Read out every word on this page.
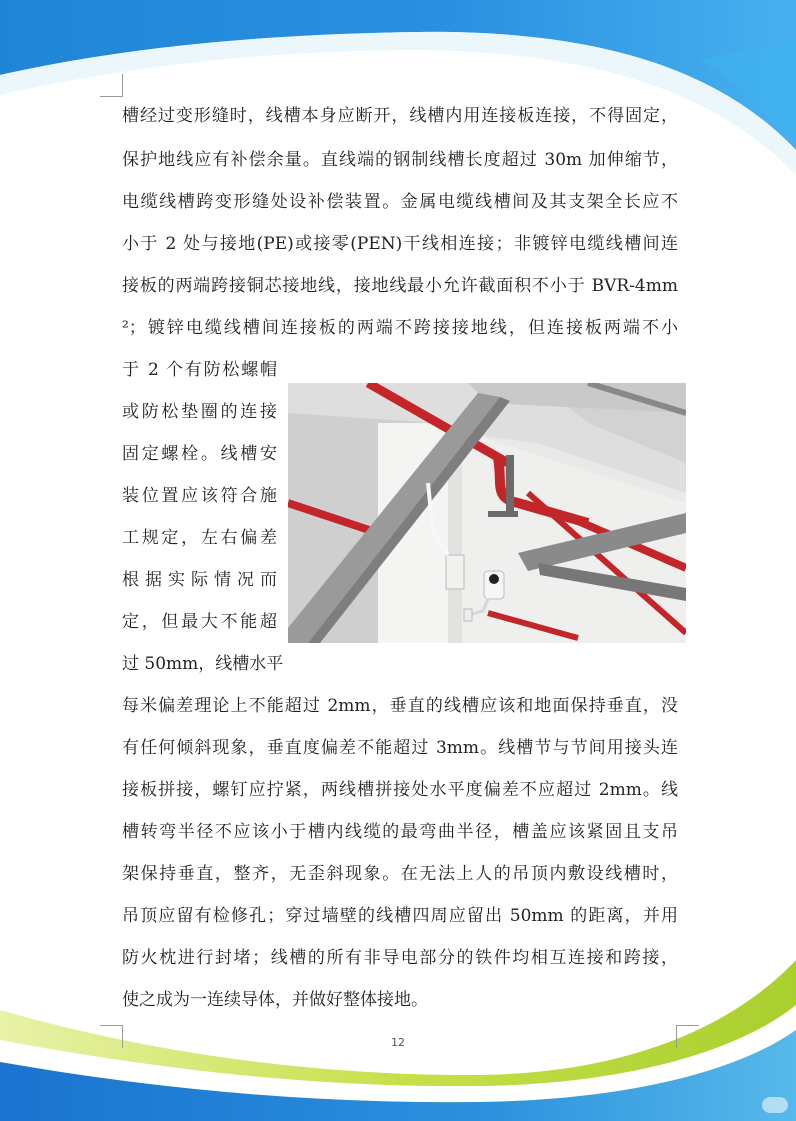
槽经过变形缝时，线槽本身应断开，线槽内用连接板连接，不得固定，
保护地线应有补偿余量。直线端的钢制线槽长度超过 30m 加伸缩节，
电缆线槽跨变形缝处设补偿装置。金属电缆线槽间及其支架全长应不
小于 2 处与接地(PE)或接零(PEN)干线相连接；非镀锌电缆线槽间连
接板的两端跨接铜芯接地线，接地线最小允许截面积不小于 BVR-4mm
²；镀锌电缆线槽间连接板的两端不跨接接地线，但连接板两端不小
于 2 个有防松螺帽
或防松垫圈的连接
固定螺栓。线槽安
装位置应该符合施
工规定，左右偏差
根据实际情况而
定，但最大不能超
过 50mm，线槽水平
每米偏差理论上不能超过 2mm，垂直的线槽应该和地面保持垂直，没
有任何倾斜现象，垂直度偏差不能超过 3mm。线槽节与节间用接头连
接板拼接，螺钉应拧紧，两线槽拼接处水平度偏差不应超过 2mm。线
槽转弯半径不应该小于槽内线缆的最弯曲半径，槽盖应该紧固且支吊
架保持垂直，整齐，无歪斜现象。在无法上人的吊顶内敷设线槽时，
吊顶应留有检修孔；穿过墙壁的线槽四周应留出 50mm 的距离，并用
防火枕进行封堵；线槽的所有非导电部分的铁件均相互连接和跨接，
使之成为一连续导体，并做好整体接地。
12
